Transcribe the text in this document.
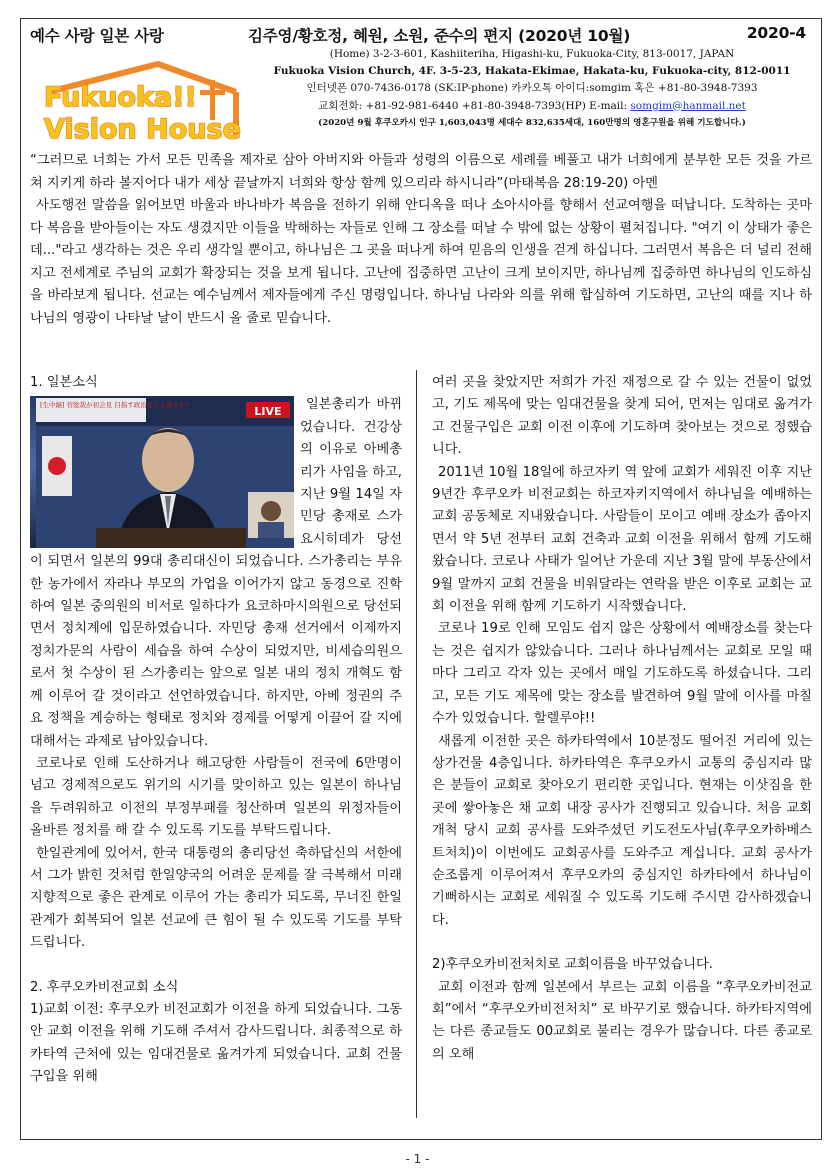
예수 사랑 일본 사랑	김주영/황호정, 혜원, 소원, 준수의 편지 (2020년 10월)	2020-4
Fukuoka!!
Vision House
(Home) 3-2-3-601, Kashiiteriha, Higashi-ku, Fukuoka-City, 813-0017, JAPAN
Fukuoka Vision Church, 4F. 3-5-23, Hakata-Ekimae, Hakata-ku, Fukuoka-city, 812-0011
인터넷폰 070-7436-0178 (SK:IP-phone) 카카오톡 아이디:somgim 혹은 +81-80-3948-7393
교회전화: +81-92-981-6440 +81-80-3948-7393(HP) E-mail: somgim@hanmail.net
(2020년 9월 후쿠오카시 인구 1,603,043명 세대수 832,635세대, 160만명의 영혼구원을 위해 기도합니다.)

“그러므로 너희는 가서 모든 민족을 제자로 삼아 아버지와 아들과 성령의 이름으로 세례를 베풀고 내가 너희에게 분부한 모든 것을 가르쳐 지키게 하라 볼지어다 내가 세상 끝날까지 너희와 항상 함께 있으리라 하시니라”(마태복음 28:19-20) 아멘

사도행전 말씀을 읽어보면 바울과 바나바가 복음을 전하기 위해 안디옥을 떠나 소아시아를 향해서 선교여행을 떠납니다. 도착하는 곳마다 복음을 받아들이는 자도 생겼지만 이들을 박해하는 자들로 인해 그 장소를 떠날 수 밖에 없는 상황이 펼쳐집니다. "여기 이 상태가 좋은데..."라고 생각하는 것은 우리 생각일 뿐이고, 하나님은 그 곳을 떠나게 하여 믿음의 인생을 걷게 하십니다. 그러면서 복음은 더 널리 전해지고 전세계로 주님의 교회가 확장되는 것을 보게 됩니다. 고난에 집중하면 고난이 크게 보이지만, 하나님께 집중하면 하나님의 인도하심을 바라보게 됩니다. 선교는 예수님께서 제자들에게 주신 명령입니다. 하나님 나라와 의를 위해 합심하여 기도하면, 고난의 때를 지나 하나님의 영광이 나타날 날이 반드시 올 줄로 믿습니다.

1. 일본소식

LIVE
[生中継] 菅総裁が初会見 目指す政治をどう語るか?	일본총리가 바뀌었습니다. 건강상의 이유로 아베총리가 사임을 하고, 지난 9월 14일 자민당 총재로 스가요시히데가 당선이 되면서 일본의 99대 총리대신이 되었습니다. 스가총리는 부유한 농가에서 자라나 부모의 가업을 이어가지 않고 동경으로 진학하여 일본 중의원의 비서로 일하다가 요코하마시의원으로 당선되면서 정치계에 입문하였습니다. 자민당 총재 선거에서 이제까지 정치가문의 사람이 세습을 하여 수상이 되었지만, 비세습의원으로서 첫 수상이 된 스가총리는 앞으로 일본 내의 정치 개혁도 함께 이루어 갈 것이라고 선언하였습니다. 하지만, 아베 정권의 주요 정책을 계승하는 형태로 정치와 경제를 어떻게 이끌어 갈 지에 대해서는 과제로 남아있습니다.

코로나로 인해 도산하거나 해고당한 사람들이 전국에 6만명이 넘고 경제적으로도 위기의 시기를 맞이하고 있는 일본이 하나님을 두려워하고 이전의 부정부패를 청산하며 일본의 위정자들이 올바른 정치를 해 갈 수 있도록 기도를 부탁드립니다.

한일관계에 있어서, 한국 대통령의 총리당선 축하답신의 서한에서 그가 밝힌 것처럼 한일양국의 어려운 문제를 잘 극복해서 미래지향적으로 좋은 관계로 이루어 가는 총리가 되도록, 무너진 한일관계가 회복되어 일본 선교에 큰 힘이 될 수 있도록 기도를 부탁드립니다.

2. 후쿠오카비전교회 소식

1)교회 이전: 후쿠오카 비전교회가 이전을 하게 되었습니다. 그동안 교회 이전을 위해 기도해 주셔서 감사드립니다. 최종적으로 하카타역 근처에 있는 임대건물로 옮겨가게 되었습니다. 교회 건물 구입을 위해

여러 곳을 찾았지만 저희가 가진 재정으로 갈 수 있는 건물이 없었고, 기도 제목에 맞는 임대건물을 찾게 되어, 먼저는 임대로 옮겨가고 건물구입은 교회 이전 이후에 기도하며 찾아보는 것으로 정했습니다.

2011년 10월 18일에 하코자키 역 앞에 교회가 세워진 이후 지난 9년간 후쿠오카 비전교회는 하코자키지역에서 하나님을 예배하는 교회 공동체로 지내왔습니다. 사람들이 모이고 예배 장소가 좁아지면서 약 5년 전부터 교회 건축과 교회 이전을 위해서 함께 기도해 왔습니다. 코로나 사태가 일어난 가운데 지난 3월 말에 부동산에서 9월 말까지 교회 건물을 비워달라는 연락을 받은 이후로 교회는 교회 이전을 위해 함께 기도하기 시작했습니다.

코로나 19로 인해 모임도 쉽지 않은 상황에서 예배장소를 찾는다는 것은 쉽지가 않았습니다. 그러나 하나님께서는 교회로 모일 때마다 그리고 각자 있는 곳에서 매일 기도하도록 하셨습니다. 그리고, 모든 기도 제목에 맞는 장소를 발견하여 9월 말에 이사를 마칠 수가 있었습니다. 할렐루야!!

새롭게 이전한 곳은 하카타역에서 10분정도 떨어진 거리에 있는 상가건물 4층입니다. 하카타역은 후쿠오카시 교통의 중심지라 많은 분들이 교회로 찾아오기 편리한 곳입니다. 현재는 이삿짐을 한곳에 쌓아놓은 채 교회 내장 공사가 진행되고 있습니다. 처음 교회개척 당시 교회 공사를 도와주셨던 키도전도사님(후쿠오카하베스트처치)이 이번에도 교회공사를 도와주고 계십니다. 교회 공사가 순조롭게 이루어져서 후쿠오카의 중심지인 하카타에서 하나님이 기뻐하시는 교회로 세워질 수 있도록 기도해 주시면 감사하겠습니다.

2)후쿠오카비전처치로 교회이름을 바꾸었습니다.

교회 이전과 함께 일본에서 부르는 교회 이름을 “후쿠오카비전교회”에서 “후쿠오카비전처치” 로 바꾸기로 했습니다. 하카타지역에는 다른 종교들도 00교회로 불리는 경우가 많습니다. 다른 종교로의 오해

- 1 -
